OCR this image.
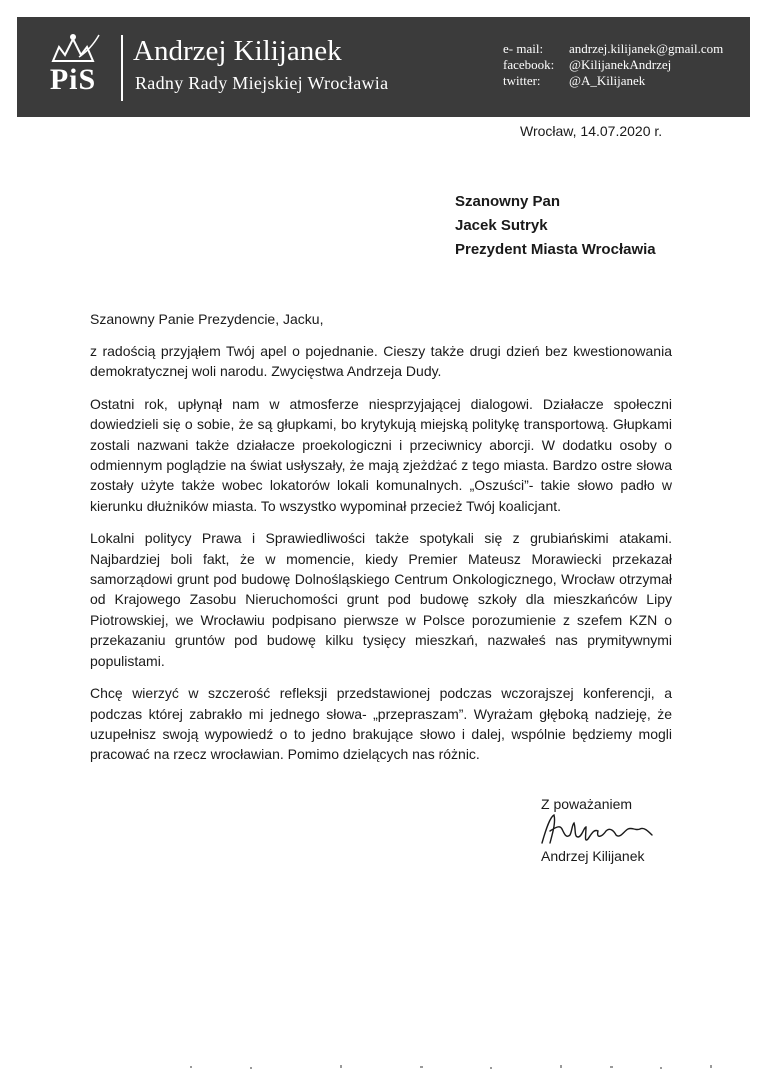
PiS
Andrzej Kilijanek
Radny Rady Miejskiej Wrocławia
e- mail: andrzej.kilijanek@gmail.com
facebook: @KilijanekAndrzej
twitter: @A_Kilijanek
Wrocław, 14.07.2020 r.
Szanowny Pan
Jacek Sutryk
Prezydent Miasta Wrocławia
Szanowny Panie Prezydencie, Jacku,

z radością przyjąłem Twój apel o pojednanie. Cieszy także drugi dzień bez kwestionowania demokratycznej woli narodu. Zwycięstwa Andrzeja Dudy.

Ostatni rok, upłynął nam w atmosferze niesprzyjającej dialogowi. Działacze społeczni dowiedzieli się o sobie, że są głupkami, bo krytykują miejską politykę transportową. Głupkami zostali nazwani także działacze proekologiczni i przeciwnicy aborcji. W dodatku osoby o odmiennym poglądzie na świat usłyszały, że mają zjeżdżać z tego miasta. Bardzo ostre słowa zostały użyte także wobec lokatorów lokali komunalnych. „Oszuści”- takie słowo padło w kierunku dłużników miasta. To wszystko wypominał przecież Twój koalicjant.

Lokalni politycy Prawa i Sprawiedliwości także spotykali się z grubiańskimi atakami. Najbardziej boli fakt, że w momencie, kiedy Premier Mateusz Morawiecki przekazał samorządowi grunt pod budowę Dolnośląskiego Centrum Onkologicznego, Wrocław otrzymał od Krajowego Zasobu Nieruchomości grunt pod budowę szkoły dla mieszkańców Lipy Piotrowskiej, we Wrocławiu podpisano pierwsze w Polsce porozumienie z szefem KZN o przekazaniu gruntów pod budowę kilku tysięcy mieszkań, nazwałeś nas prymitywnymi populistami.

Chcę wierzyć w szczerość refleksji przedstawionej podczas wczorajszej konferencji, a podczas której zabrakło mi jednego słowa- „przepraszam”. Wyrażam głęboką nadzieję, że uzupełnisz swoją wypowiedź o to jedno brakujące słowo i dalej, wspólnie będziemy mogli pracować na rzecz wrocławian. Pomimo dzielących nas różnic.

Z poważaniem
Andrzej Kilijanek
